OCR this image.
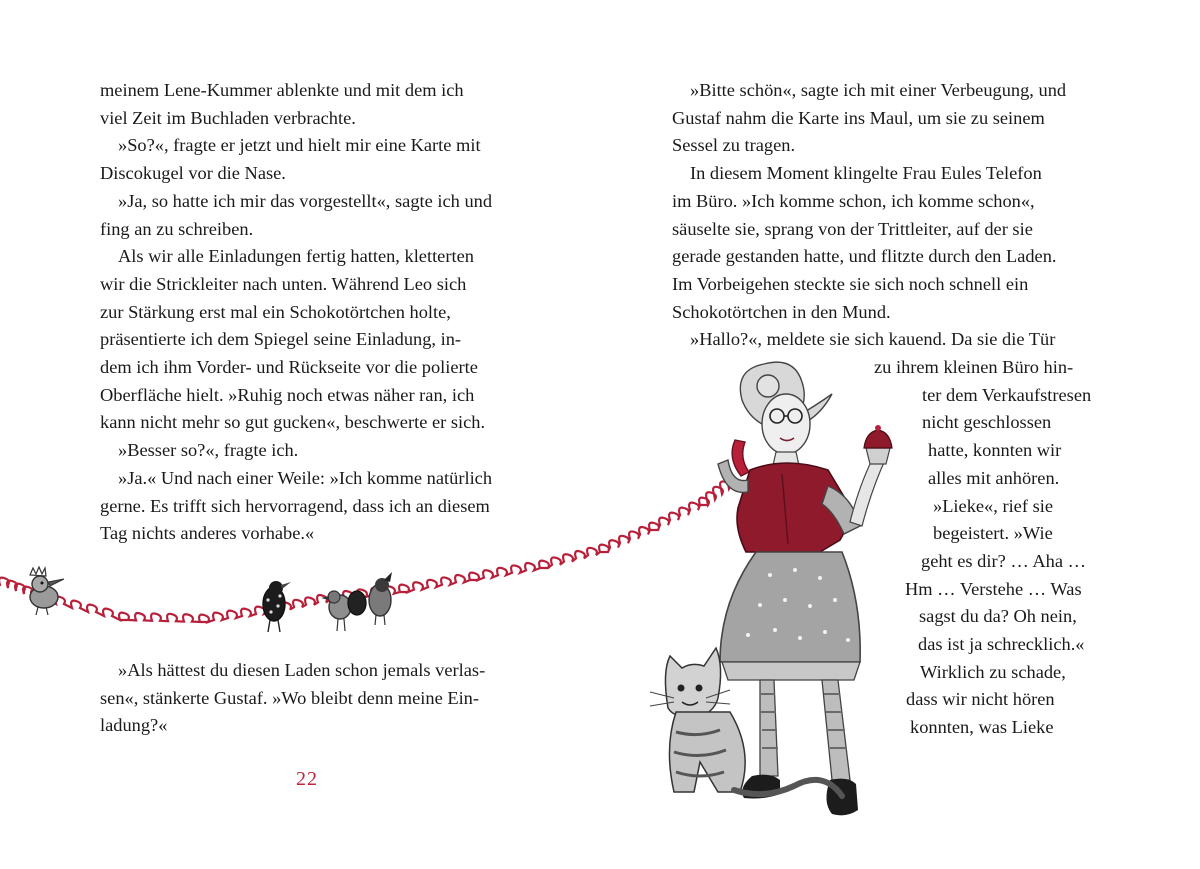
meinem Lene-Kummer ablenkte und mit dem ich
viel Zeit im Buchladen verbrachte.
»So?«, fragte er jetzt und hielt mir eine Karte mit
Discokugel vor die Nase.
»Ja, so hatte ich mir das vorgestellt«, sagte ich und
fing an zu schreiben.
Als wir alle Einladungen fertig hatten, kletterten
wir die Strickleiter nach unten. Während Leo sich
zur Stärkung erst mal ein Schokotörtchen holte,
präsentierte ich dem Spiegel seine Einladung, in-
dem ich ihm Vorder- und Rückseite vor die polierte
Oberfläche hielt. »Ruhig noch etwas näher ran, ich
kann nicht mehr so gut gucken«, beschwerte er sich.
»Besser so?«, fragte ich.
»Ja.« Und nach einer Weile: »Ich komme natürlich
gerne. Es trifft sich hervorragend, dass ich an diesem
Tag nichts anderes vorhabe.«
»Als hättest du diesen Laden schon jemals verlas-
sen«, stänkerte Gustaf. »Wo bleibt denn meine Ein-
ladung?«
»Bitte schön«, sagte ich mit einer Verbeugung, und
Gustaf nahm die Karte ins Maul, um sie zu seinem
Sessel zu tragen.
In diesem Moment klingelte Frau Eules Telefon
im Büro. »Ich komme schon, ich komme schon«,
säuselte sie, sprang von der Trittleiter, auf der sie
gerade gestanden hatte, und flitzte durch den Laden.
Im Vorbeigehen steckte sie sich noch schnell ein
Schokotörtchen in den Mund.
»Hallo?«, meldete sie sich kauend. Da sie die Tür
zu ihrem kleinen Büro hin-
ter dem Verkaufstresen
nicht geschlossen
hatte, konnten wir
alles mit anhören.
»Lieke«, rief sie
begeistert. »Wie
geht es dir? … Aha …
Hm … Verstehe … Was
sagst du da? Oh nein,
das ist ja schrecklich.«
Wirklich zu schade,
dass wir nicht hören
konnten, was Lieke
22
